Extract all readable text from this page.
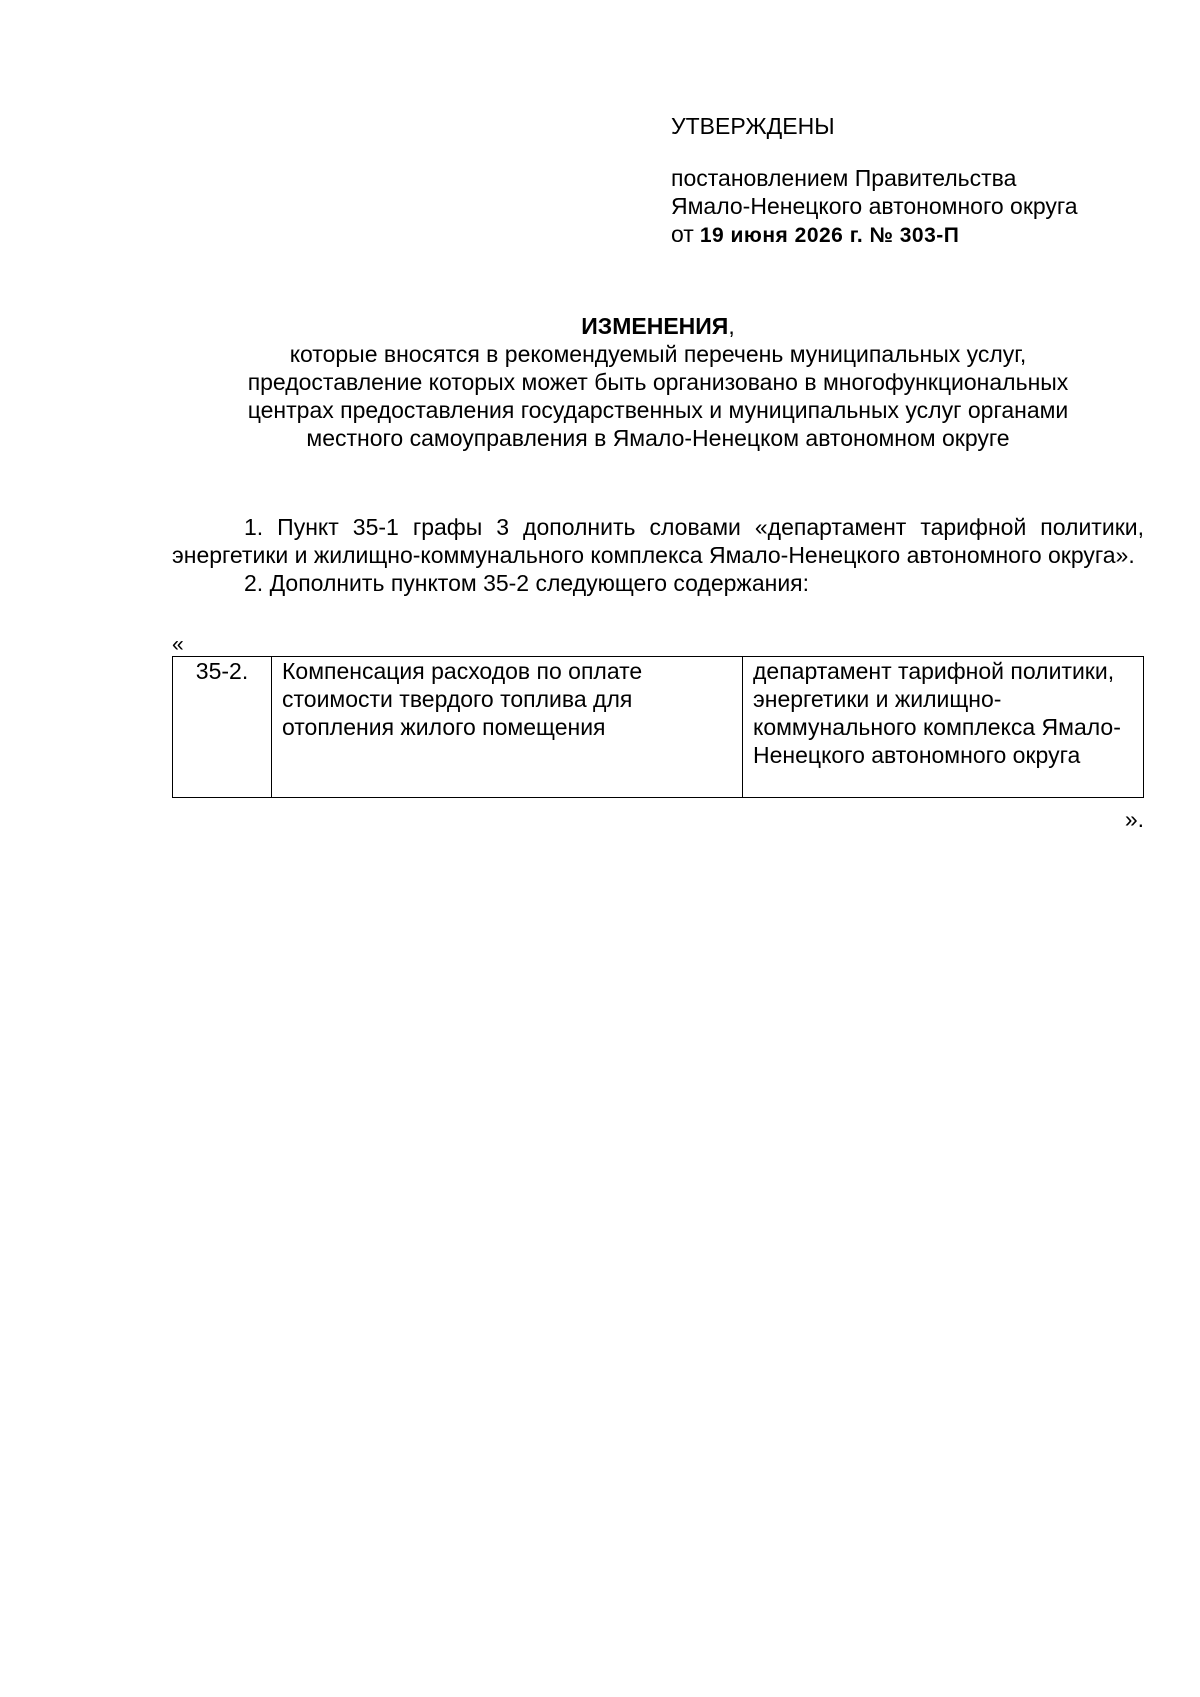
УТВЕРЖДЕНЫ
постановлением Правительства
Ямало-Ненецкого автономного округа
от 19 июня 2026 г. № 303-П
ИЗМЕНЕНИЯ,
которые вносятся в рекомендуемый перечень муниципальных услуг,
предоставление которых может быть организовано в многофункциональных
центрах предоставления государственных и муниципальных услуг органами
местного самоуправления в Ямало-Ненецком автономном округе

1. Пункт 35-1 графы 3 дополнить словами «департамент тарифной политики, энергетики и жилищно-коммунального комплекса Ямало-Ненецкого автономного округа».

2. Дополнить пунктом 35-2 следующего содержания:

«
35-2.	Компенсация расходов по оплате стоимости твердого топлива для отопления жилого помещения	департамент тарифной политики, энергетики и жилищно-коммунального комплекса Ямало-Ненецкого автономного округа
».
